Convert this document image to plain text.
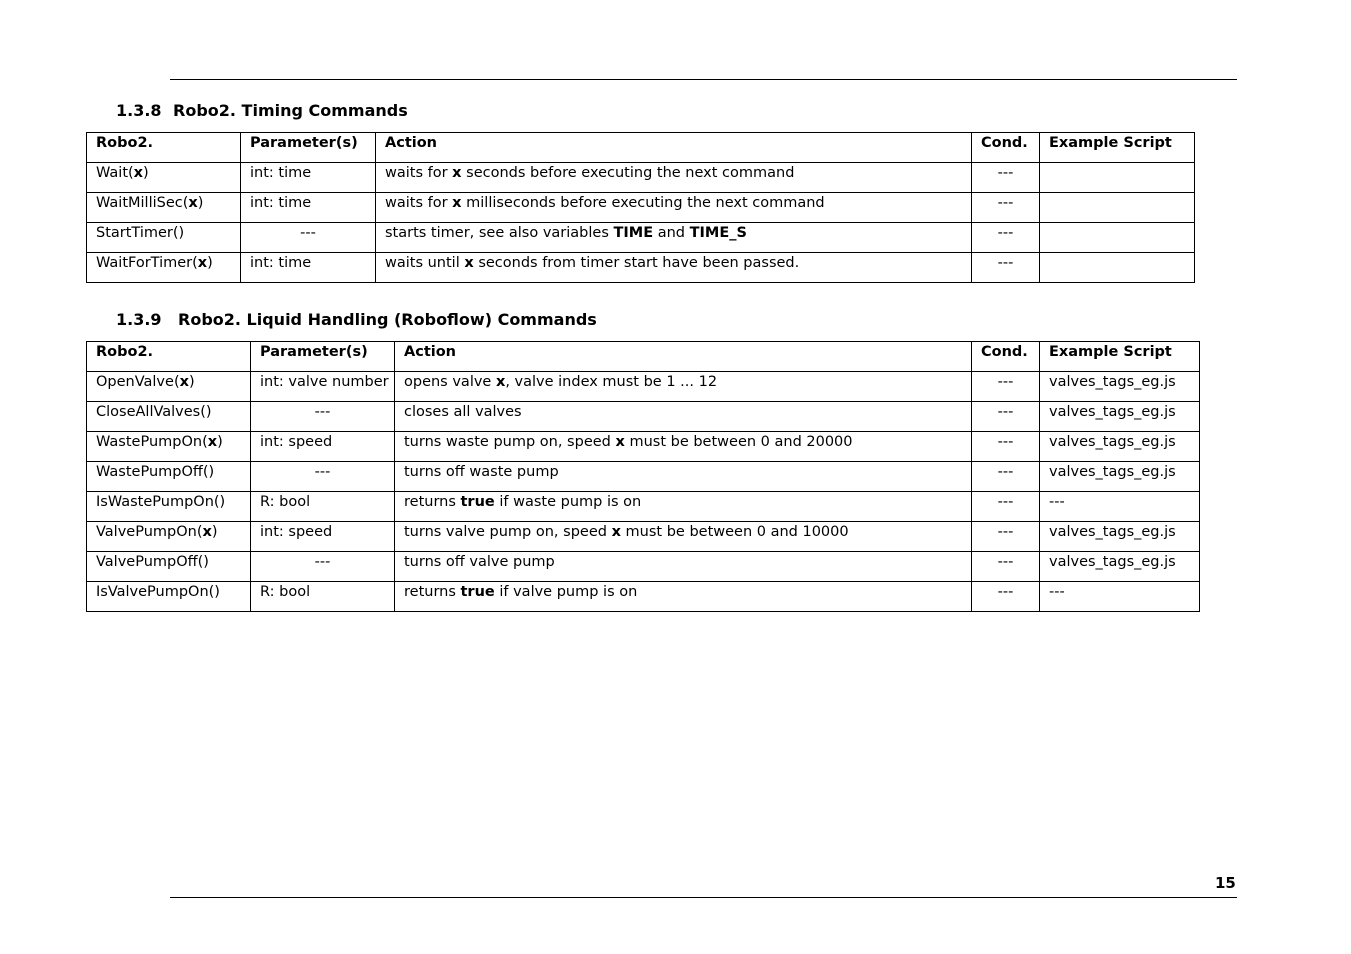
1.3.8 Robo2. Timing Commands
Robo2.	Parameter(s)	Action	Cond.	Example Script
Wait(x)	int: time	waits for x seconds before executing the next command	---	
WaitMilliSec(x)	int: time	waits for x milliseconds before executing the next command	---	
StartTimer()	---	starts timer, see also variables TIME and TIME_S	---	
WaitForTimer(x)	int: time	waits until x seconds from timer start have been passed.	---	
1.3.9 Robo2. Liquid Handling (Roboflow) Commands
Robo2.	Parameter(s)	Action	Cond.	Example Script
OpenValve(x)	int: valve number	opens valve x, valve index must be 1 ... 12	---	valves_tags_eg.js
CloseAllValves()	---	closes all valves	---	valves_tags_eg.js
WastePumpOn(x)	int: speed	turns waste pump on, speed x must be between 0 and 20000	---	valves_tags_eg.js
WastePumpOff()	---	turns off waste pump	---	valves_tags_eg.js
IsWastePumpOn()	R: bool	returns true if waste pump is on	---	---
ValvePumpOn(x)	int: speed	turns valve pump on, speed x must be between 0 and 10000	---	valves_tags_eg.js
ValvePumpOff()	---	turns off valve pump	---	valves_tags_eg.js
IsValvePumpOn()	R: bool	returns true if valve pump is on	---	---
15
